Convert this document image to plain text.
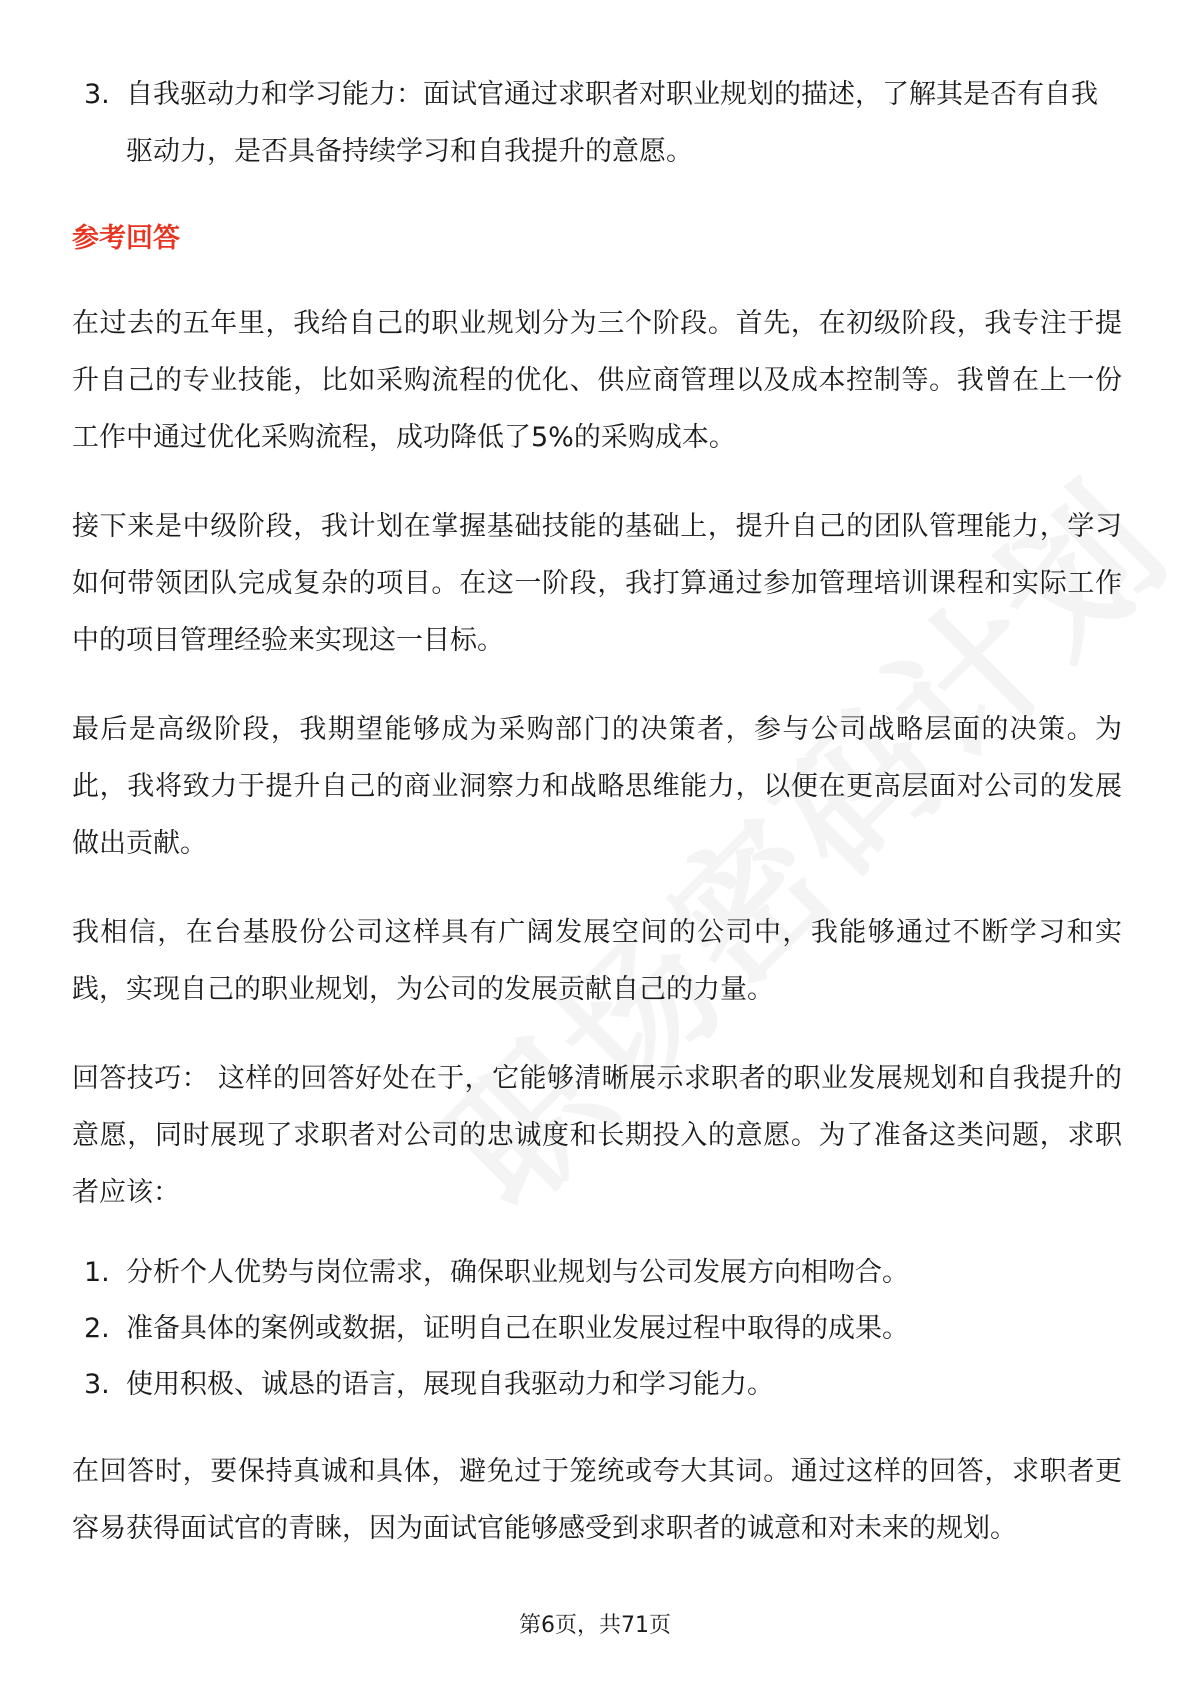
3. 自我驱动力和学习能力：面试官通过求职者对职业规划的描述，了解其是否有自我驱动力，是否具备持续学习和自我提升的意愿。
参考回答

在过去的五年里，我给自己的职业规划分为三个阶段。首先，在初级阶段，我专注于提升自己的专业技能，比如采购流程的优化、供应商管理以及成本控制等。我曾在上一份工作中通过优化采购流程，成功降低了5%的采购成本。

接下来是中级阶段，我计划在掌握基础技能的基础上，提升自己的团队管理能力，学习如何带领团队完成复杂的项目。在这一阶段，我打算通过参加管理培训课程和实际工作中的项目管理经验来实现这一目标。

最后是高级阶段，我期望能够成为采购部门的决策者，参与公司战略层面的决策。为此，我将致力于提升自己的商业洞察力和战略思维能力，以便在更高层面对公司的发展做出贡献。

我相信，在台基股份公司这样具有广阔发展空间的公司中，我能够通过不断学习和实践，实现自己的职业规划，为公司的发展贡献自己的力量。

回答技巧： 这样的回答好处在于，它能够清晰展示求职者的职业发展规划和自我提升的意愿，同时展现了求职者对公司的忠诚度和长期投入的意愿。为了准备这类问题，求职者应该：

1. 分析个人优势与岗位需求，确保职业规划与公司发展方向相吻合。
2. 准备具体的案例或数据，证明自己在职业发展过程中取得的成果。
3. 使用积极、诚恳的语言，展现自我驱动力和学习能力。

在回答时，要保持真诚和具体，避免过于笼统或夸大其词。通过这样的回答，求职者更容易获得面试官的青睐，因为面试官能够感受到求职者的诚意和对未来的规划。

第6页，共71页
